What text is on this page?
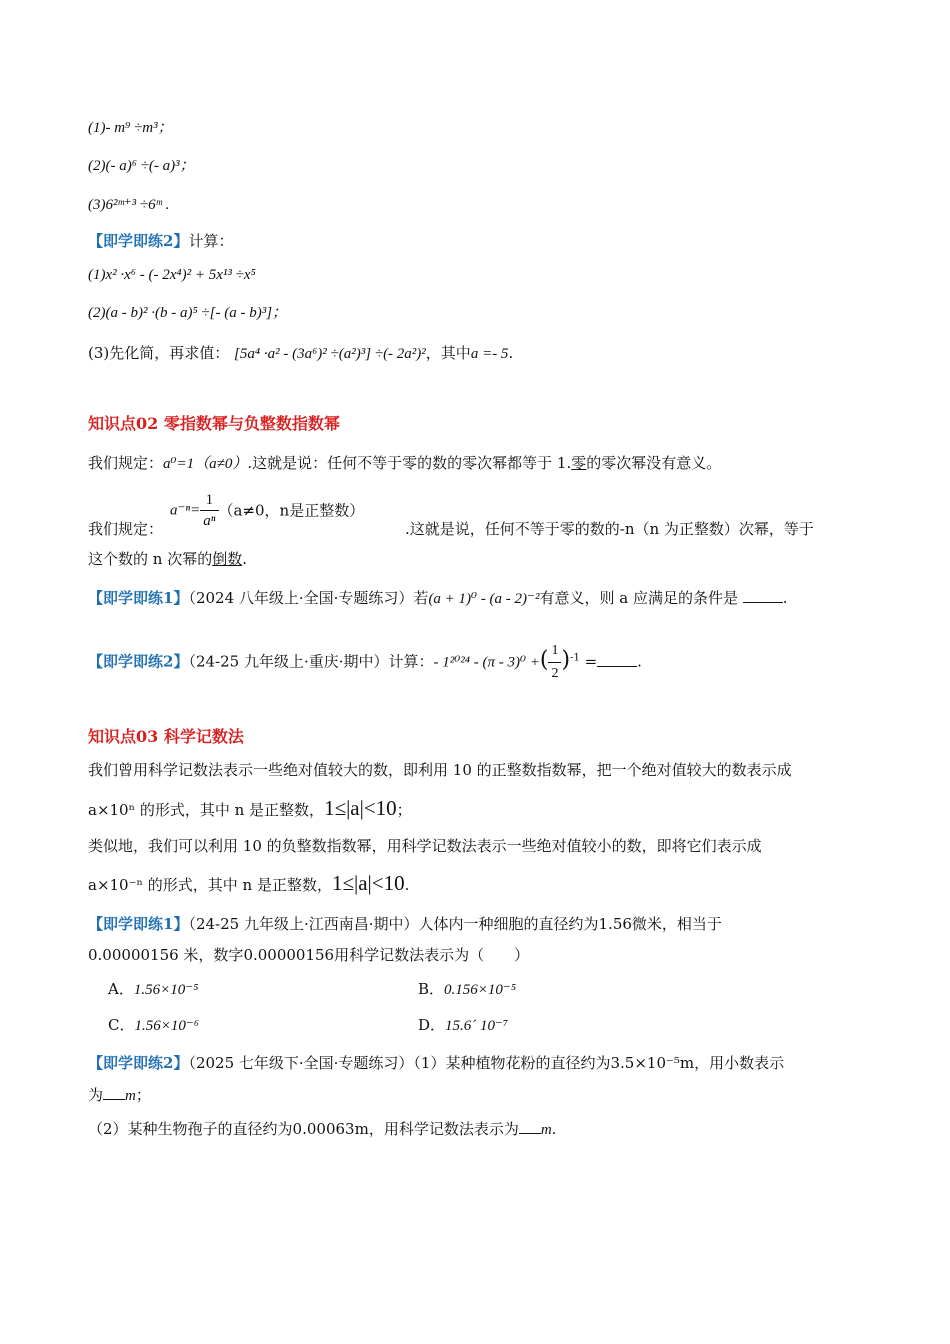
(1)- m⁹ ÷m³；
(2)(- a)⁶ ÷(- a)³；
(3)6²ᵐ⁺³ ÷6ᵐ .
【即学即练2】计算：
(1)x² ·x⁶ - (- 2x⁴)² + 5x¹³ ÷x⁵
(2)(a - b)² ·(b - a)⁵ ÷[- (a - b)³]；
(3)先化简，再求值： [5a⁴ ·a² - (3a⁶)² ÷(a²)³] ÷(- 2a²)²，其中a =- 5.
知识点02 零指数幂与负整数指数幂
我们规定：a⁰=1（a≠0）.这就是说：任何不等于零的数的零次幂都等于 1.零的零次幂没有意义。
$a^{-n}= \frac{1}{\text{aⁿ}} (a\ne 0$，n是正整数）
我们规定：	.这就是说，任何不等于零的数的-n（n 为正整数）次幂，等于
这个数的 n 次幂的倒数.
【即学即练1】（2024 八年级上·全国·专题练习）若(a + 1)⁰ - (a - 2)⁻²有意义，则 a 应满足的条件是	.
【即学即练2】（24-25 九年级上·重庆·期中）计算：- 1²⁰²⁴ - (π - 3)⁰ +( $\frac{1}{2} )^{-1}$ =	.
知识点03 科学记数法
我们曾用科学记数法表示一些绝对值较大的数，即利用 10 的正整数指数幂，把一个绝对值较大的数表示成
a×10ⁿ 的形式，其中 n 是正整数，1≤|a|<10；
类似地，我们可以利用 10 的负整数指数幂，用科学记数法表示一些绝对值较小的数，即将它们表示成
a×10⁻ⁿ 的形式，其中 n 是正整数，1≤|a|<10.
【即学即练1】（24-25 九年级上·江西南昌·期中）人体内一种细胞的直径约为1.56微米，相当于
0.00000156 米，数字0.00000156用科学记数法表示为（　　）
A．1.56×10⁻⁵	B．0.156×10⁻⁵
C．1.56×10⁻⁶	D．15.6´ 10⁻⁷
【即学即练2】（2025 七年级下·全国·专题练习）（1）某种植物花粉的直径约为3.5×10⁻⁵m，用小数表示
为 m；
（2）某种生物孢子的直径约为0.00063m，用科学记数法表示为 m.
